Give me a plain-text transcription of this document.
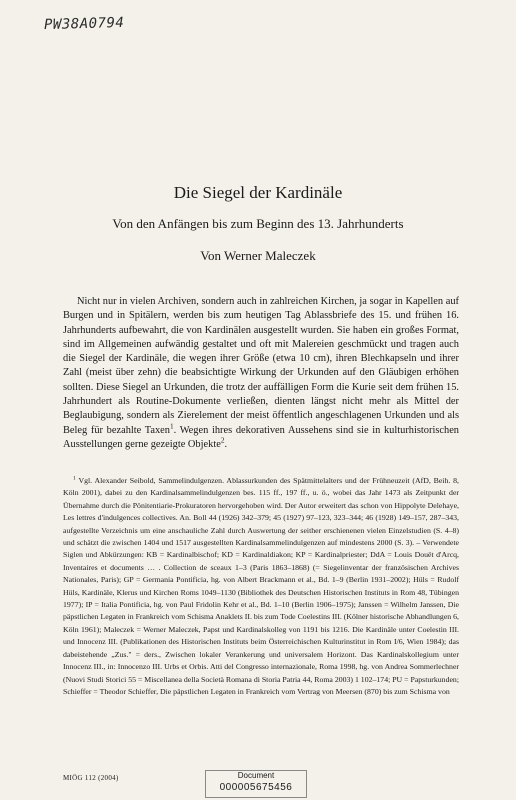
PW38A0794
Die Siegel der Kardinäle
Von den Anfängen bis zum Beginn des 13. Jahrhunderts
Von Werner Maleczek

Nicht nur in vielen Archiven, sondern auch in zahlreichen Kirchen, ja sogar in Kapellen auf Burgen und in Spitälern, werden bis zum heutigen Tag Ablassbriefe des 15. und frühen 16. Jahrhunderts aufbewahrt, die von Kardinälen ausgestellt wurden. Sie haben ein großes Format, sind im Allgemeinen aufwändig gestaltet und oft mit Malereien geschmückt und tragen auch die Siegel der Kardinäle, die wegen ihrer Größe (etwa 10 cm), ihren Blechkapseln und ihrer Zahl (meist über zehn) die beabsichtigte Wirkung der Urkunden auf den Gläubigen erhöhen sollten. Diese Siegel an Urkunden, die trotz der auffälligen Form die Kurie seit dem frühen 15. Jahrhundert als Routine-Dokumente verließen, dienten längst nicht mehr als Mittel der Beglaubigung, sondern als Zierelement der meist öffentlich angeschlagenen Urkunden und als Beleg für bezahlte Taxen$^1$. Wegen ihres dekorativen Aussehens sind sie in kulturhistorischen Ausstellungen gerne gezeigte Objekte$^2$.

$^1$ Vgl. Alexander Seibold, Sammelindulgenzen. Ablassurkunden des Spätmittelalters und der Frühneuzeit (AfD, Beih. 8, Köln 2001), dabei zu den Kardinalsammelindulgenzen bes. 115 ff., 197 ff., u. ö., wobei das Jahr 1473 als Zeitpunkt der Übernahme durch die Pönitentiarie-Prokuratoren hervorgehoben wird. Der Autor erweitert das schon von Hippolyte Delehaye, Les lettres d'indulgences collectives. An. Boll 44 (1926) 342–379; 45 (1927) 97–123, 323–344; 46 (1928) 149–157, 287–343, aufgestellte Verzeichnis um eine anschauliche Zahl durch Auswertung der seither erschienenen vielen Einzelstudien (S. 4–8) und schätzt die zwischen 1404 und 1517 ausgestellten Kardinalsammelindulgenzen auf mindestens 2000 (S. 3). – Verwendete Siglen und Abkürzungen: KB = Kardinalbischof; KD = Kardinaldiakon; KP = Kardinalpriester; DdA = Louis Douët d'Arcq, Inventaires et documents … . Collection de sceaux 1–3 (Paris 1863–1868) (= Siegelinventar der französischen Archives Nationales, Paris); GP = Germania Pontificia, hg. von Albert Brackmann et al., Bd. 1–9 (Berlin 1931–2002); Hüls = Rudolf Hüls, Kardinäle, Klerus und Kirchen Roms 1049–1130 (Bibliothek des Deutschen Historischen Instituts in Rom 48, Tübingen 1977); IP = Italia Pontificia, hg. von Paul Fridolin Kehr et al., Bd. 1–10 (Berlin 1906–1975); Janssen = Wilhelm Janssen, Die päpstlichen Legaten in Frankreich vom Schisma Anaklets II. bis zum Tode Coelestins III. (Kölner historische Abhandlungen 6, Köln 1961); Maleczek = Werner Maleczek, Papst und Kardinalskolleg von 1191 bis 1216. Die Kardinäle unter Coelestin III. und Innocenz III. (Publikationen des Historischen Instituts beim Österreichischen Kulturinstitut in Rom I/6, Wien 1984); das dabeistehende „Zus." = ders., Zwischen lokaler Verankerung und universalem Horizont. Das Kardinalskollegium unter Innocenz III., in: Innocenzo III. Urbs et Orbis. Atti del Congresso internazionale, Roma 1998, hg. von Andrea Sommerlechner (Nuovi Studi Storici 55 = Miscellanea della Società Romana di Storia Patria 44, Roma 2003) 1 102–174; PU = Papsturkunden; Schieffer = Theodor Schieffer, Die päpstlichen Legaten in Frankreich vom Vertrag von Meersen (870) bis zum Schisma von

MIÖG 112 (2004)	Document
000005675456
